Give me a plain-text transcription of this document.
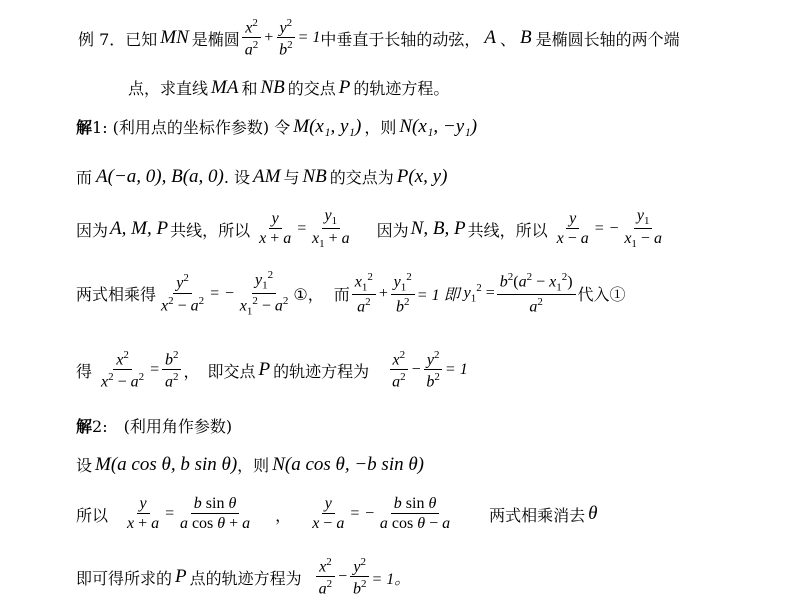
例 7．已知 MN 是椭圆 $\frac{x^2}{a^2} + \frac{y^2}{b^2} = 1$ 中垂直于长轴的动弦， A 、 B 是椭圆长轴的两个端
点，求直线 MA 和 NB 的交点 P 的轨迹方程。
解 1: (利用点的坐标作参数) 令 M(x₁, y₁) ，则 N(x₁, −y₁)
而 A(−a, 0), B(a, 0) . 设 AM 与 NB 的交点为 P(x, y)
因为 A, M, P 共线，所以 $\frac{y}{x + a} = \frac{y_1}{x_1 + a}$ 因为 N, B, P 共线，所以 $\frac{y}{x - a}$ = − $\frac{y_1}{x_1 - a}$
两式相乘得 $\frac{y^2}{x^2 - a^2}$ = − $\frac{y_1^2}{x_1^2 - a^2}$ ①， 而 $\frac{x_1^2}{a^2} + \frac{y_1^2}{b^2} = 1$ 即 $y_1^2 = \frac{b^2(a^2 - x_1^2)}{a^2}$ 代入①
得 $\frac{x^2}{x^2 - a^2} = \frac{b^2}{a^2}$ ，　即交点 P 的轨迹方程为 $\frac{x^2}{a^2} - \frac{y^2}{b^2} = 1$
解 2:　(利用角作参数)
设 M(a cos θ, b sin θ) ，则 N(a cos θ, −b sin θ)
所以 $\frac{y}{x + a} = \frac{\text{b sin θ}}{\text{a cos θ + a}}$ ， $\frac{y}{x - a}$ = − $\frac{\text{b sin θ}}{\text{a cos θ − a}}$ 两式相乘消去 θ
即可得所求的 P 点的轨迹方程为 $\frac{x^2}{a^2} - \frac{y^2}{b^2} = 1$。
